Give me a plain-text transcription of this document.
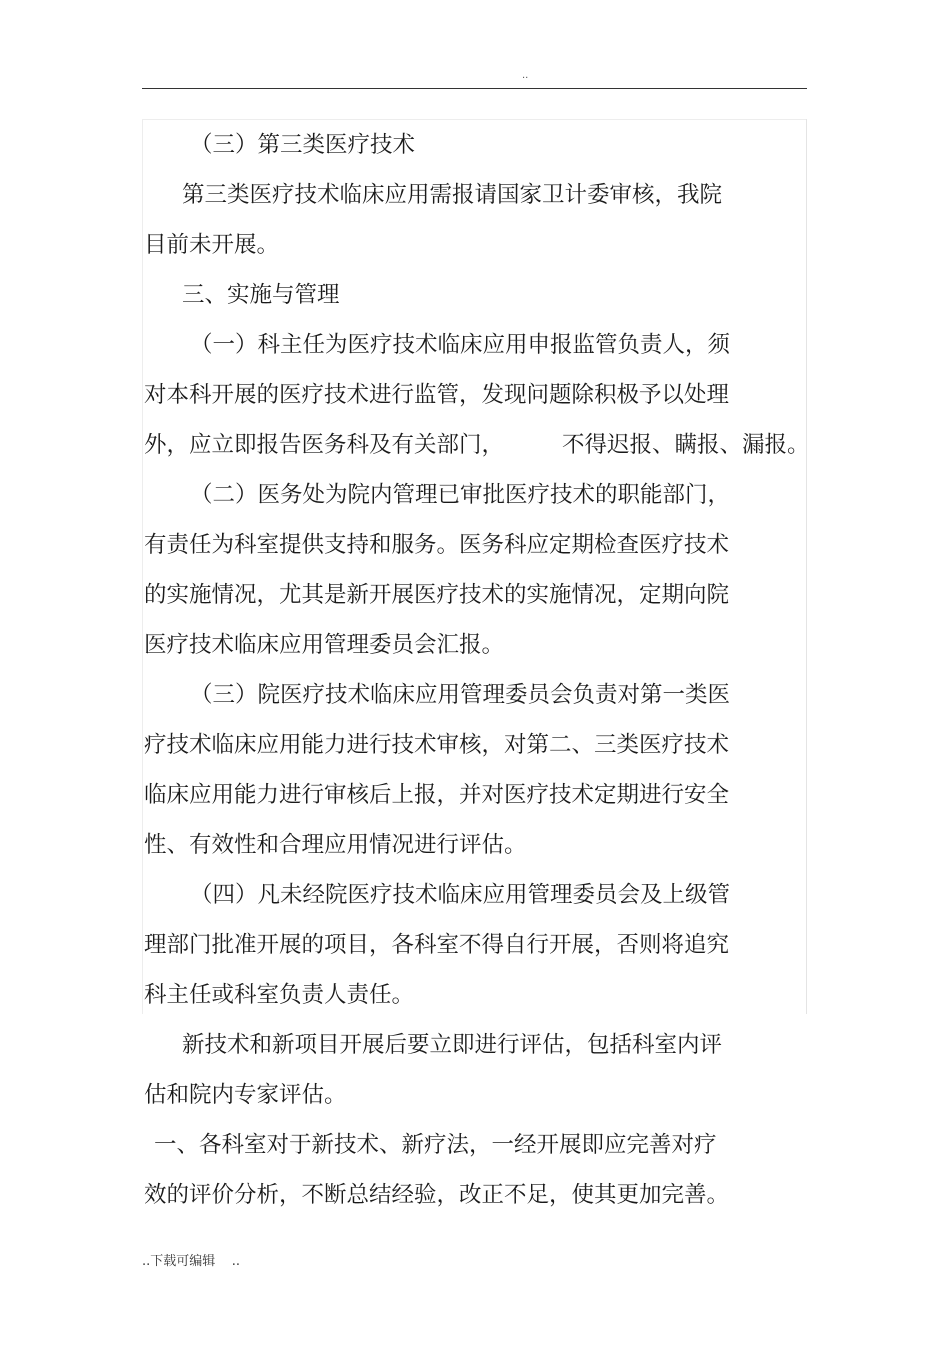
..
（三）第三类医疗技术
第三类医疗技术临床应用需报请国家卫计委审核，我院
目前未开展。
三、实施与管理
（一）科主任为医疗技术临床应用申报监管负责人，须
对本科开展的医疗技术进行监管，发现问题除积极予以处理
外，应立即报告医务科及有关部门，	不得迟报、瞒报、漏报。
（二）医务处为院内管理已审批医疗技术的职能部门，
有责任为科室提供支持和服务。医务科应定期检查医疗技术
的实施情况，尤其是新开展医疗技术的实施情况，定期向院
医疗技术临床应用管理委员会汇报。
（三）院医疗技术临床应用管理委员会负责对第一类医
疗技术临床应用能力进行技术审核，对第二、三类医疗技术
临床应用能力进行审核后上报，并对医疗技术定期进行安全
性、有效性和合理应用情况进行评估。
（四）凡未经院医疗技术临床应用管理委员会及上级管
理部门批准开展的项目，各科室不得自行开展，否则将追究
科主任或科室负责人责任。
新技术和新项目开展后要立即进行评估，包括科室内评
估和院内专家评估。
一、各科室对于新技术、新疗法，一经开展即应完善对疗
效的评价分析，不断总结经验，改正不足，使其更加完善。
..下载可编辑    ..
